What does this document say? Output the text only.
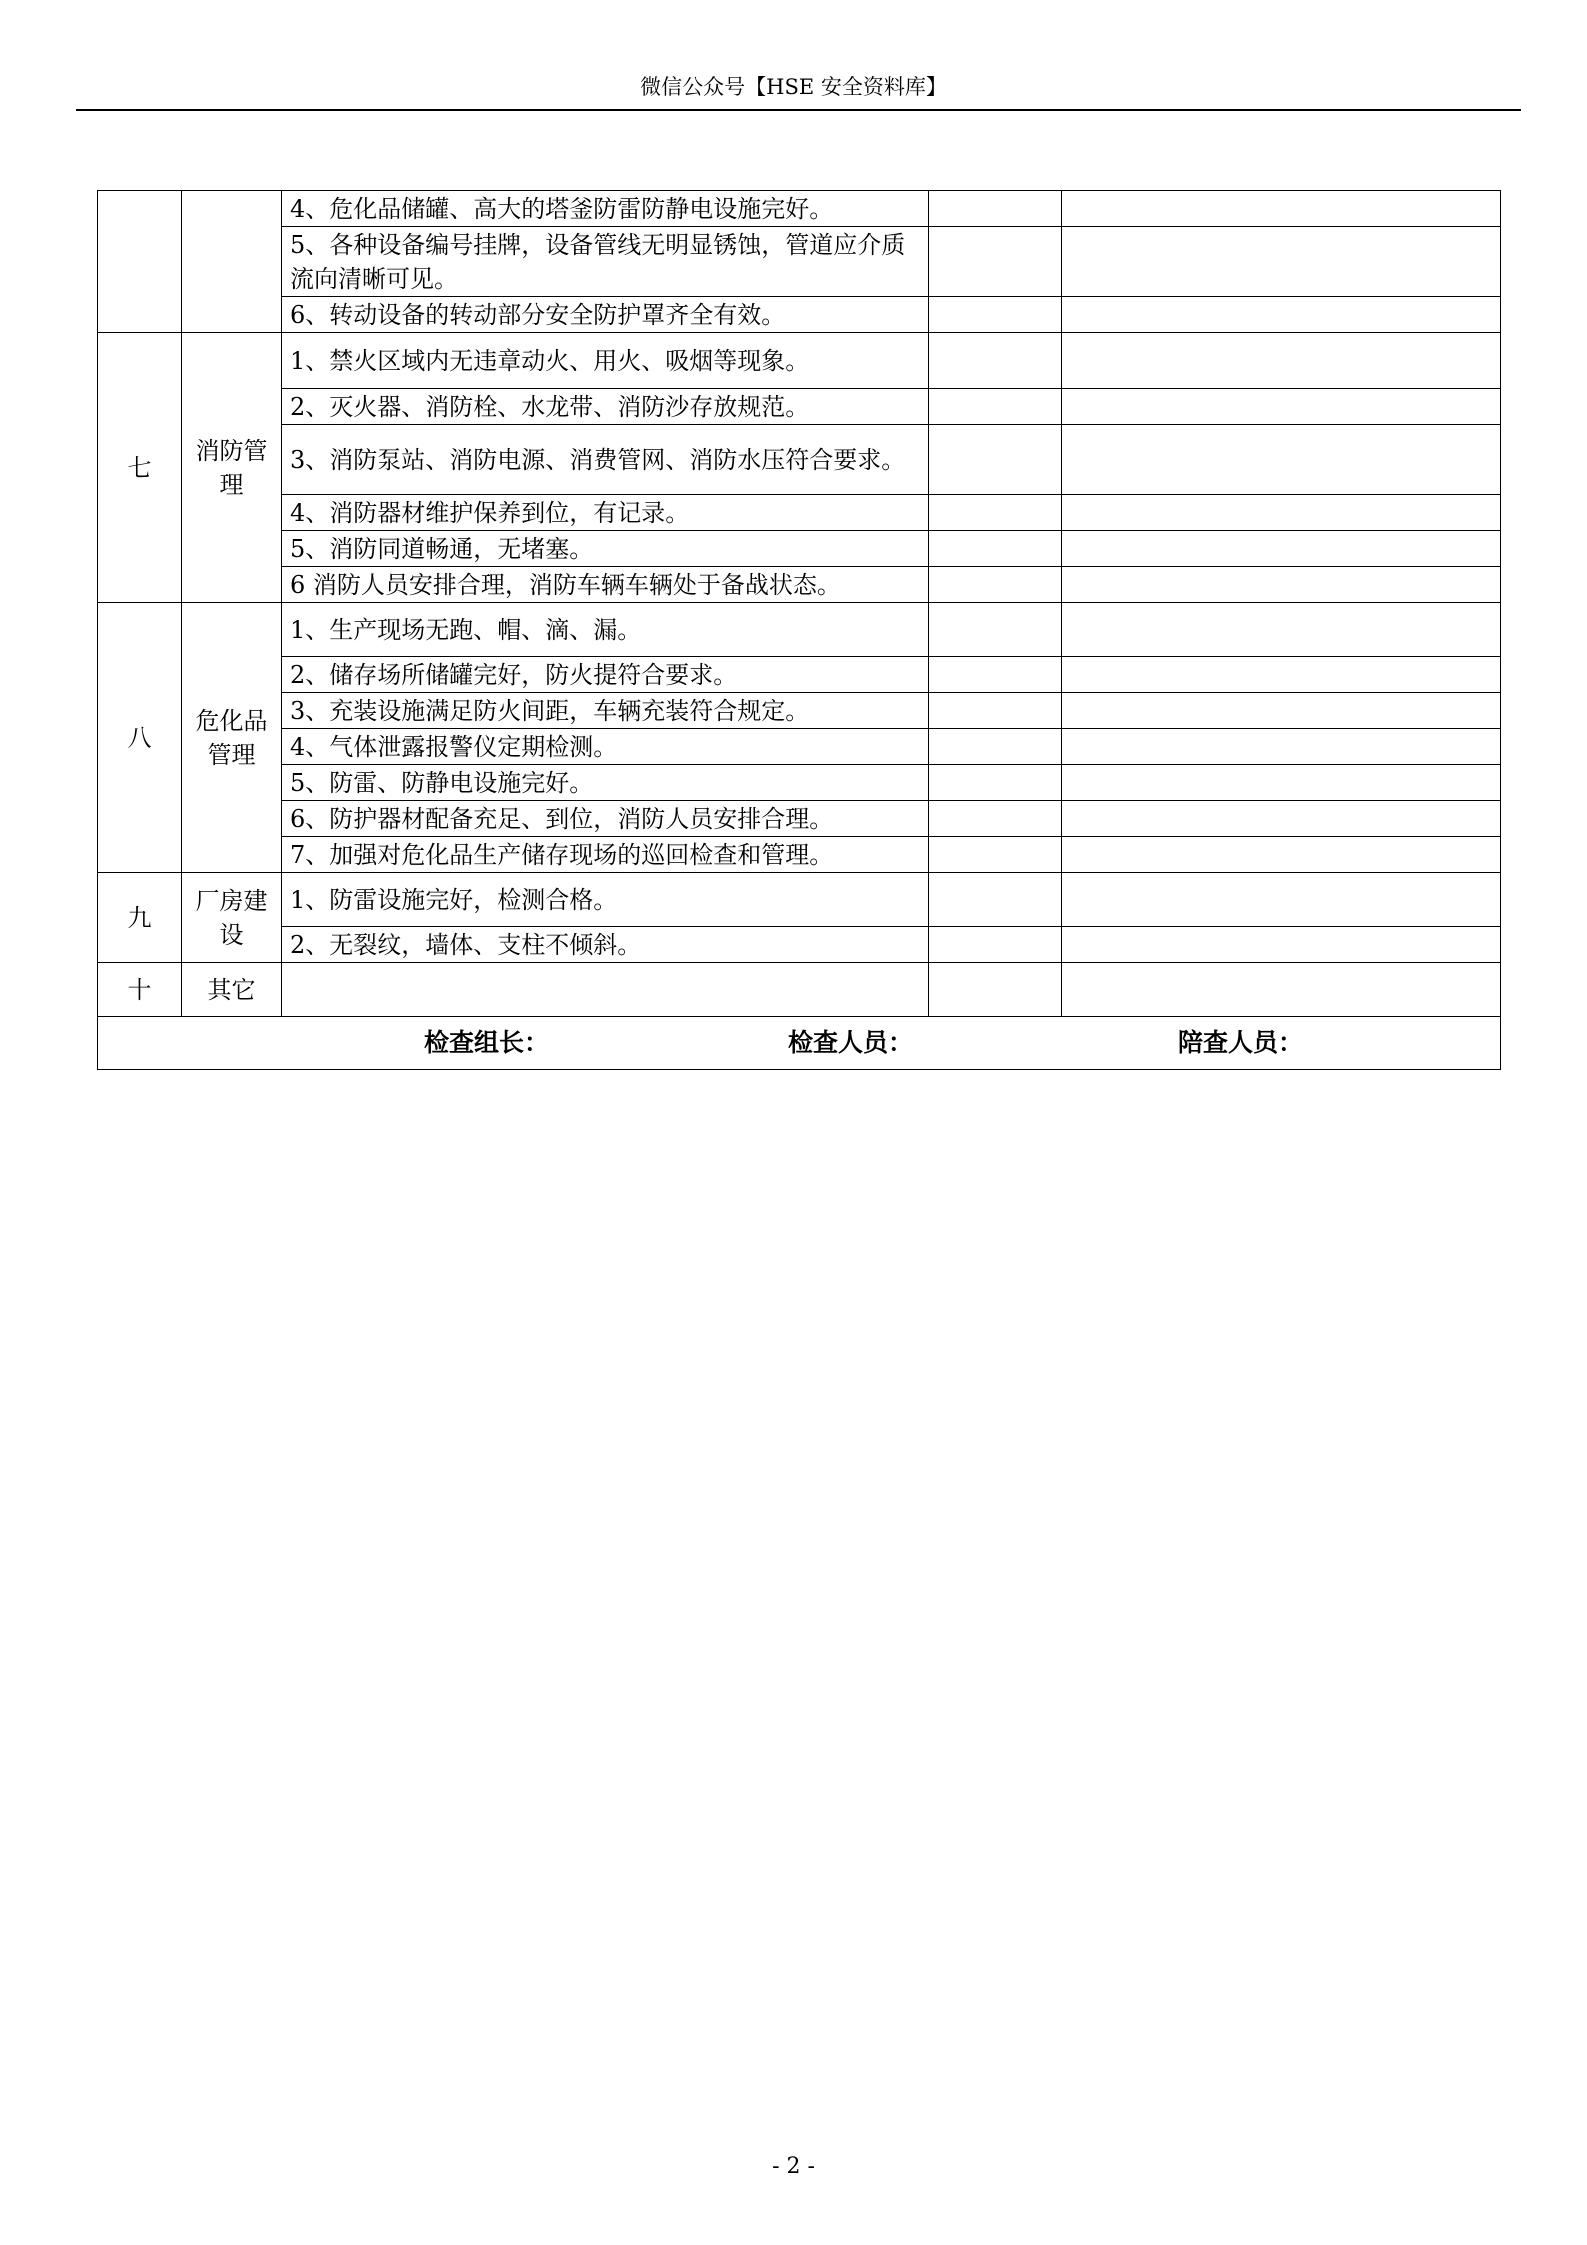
微信公众号【HSE 安全资料库】
		4、危化品储罐、高大的塔釜防雷防静电设施完好。		
		5、各种设备编号挂牌，设备管线无明显锈蚀，管道应介质流向清晰可见。		
		6、转动设备的转动部分安全防护罩齐全有效。		
七	消防管理	1、禁火区域内无违章动火、用火、吸烟等现象。		
		2、灭火器、消防栓、水龙带、消防沙存放规范。		
		3、消防泵站、消防电源、消费管网、消防水压符合要求。		
		4、消防器材维护保养到位，有记录。		
		5、消防同道畅通，无堵塞。		
		6 消防人员安排合理，消防车辆车辆处于备战状态。		
八	危化品管理	1、生产现场无跑、帽、滴、漏。		
		2、储存场所储罐完好，防火提符合要求。		
		3、充装设施满足防火间距，车辆充装符合规定。		
		4、气体泄露报警仪定期检测。		
		5、防雷、防静电设施完好。		
		6、防护器材配备充足、到位，消防人员安排合理。		
		7、加强对危化品生产储存现场的巡回检查和管理。		
九	厂房建设	1、防雷设施完好，检测合格。		
		2、无裂纹，墙体、支柱不倾斜。		
十	其它			

检查组长： 检查人员： 陪查人员：				
- 2 -
